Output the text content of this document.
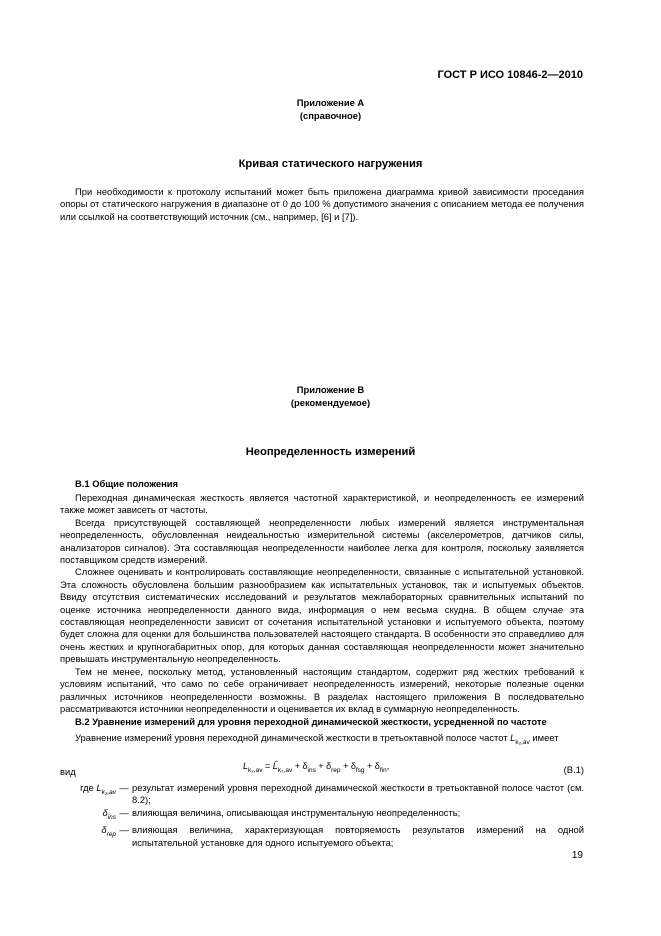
ГОСТ Р ИСО 10846-2—2010
Приложение А
(справочное)
Кривая статического нагружения

При необходимости к протоколу испытаний может быть приложена диаграмма кривой зависимости проседания опоры от статического нагружения в диапазоне от 0 до 100 % допустимого значения с описанием метода ее получения или ссылкой на соответствующий источник (см., например, [6] и [7]).

Приложение В
(рекомендуемое)
Неопределенность измерений
В.1 Общие положения

Переходная динамическая жесткость является частотной характеристикой, и неопределенность ее измерений также может зависеть от частоты.

Всегда присутствующей составляющей неопределенности любых измерений является инструментальная неопределенность, обусловленная неидеальностью измерительной системы (акселерометров, датчиков силы, анализаторов сигналов). Эта составляющая неопределенности наиболее легка для контроля, поскольку заявляется поставщиком средств измерений.

Сложнее оценивать и контролировать составляющие неопределенности, связанные с испытательной установкой. Эта сложность обусловлена большим разнообразием как испытательных установок, так и испытуемых объектов. Ввиду отсутствия систематических исследований и результатов межлабораторных сравнительных испытаний по оценке источника неопределенности данного вида, информация о нем весьма скудна. В общем случае эта составляющая неопределенности зависит от сочетания испытательной установки и испытуемого объекта, поэтому будет сложна для оценки для большинства пользователей настоящего стандарта. В особенности это справедливо для очень жестких и крупногабаритных опор, для которых данная составляющая неопределенности может значительно превышать инструментальную неопределенность.

Тем не менее, поскольку метод, установленный настоящим стандартом, содержит ряд жестких требований к условиям испытаний, что само по себе ограничивает неопределенность измерений, некоторые полезные оценки различных источников неопределенности возможны. В разделах настоящего приложения В последовательно рассматриваются источники неопределенности и оценивается их вклад в суммарную неопределенность.

В.2 Уравнение измерений для уровня переходной динамической жесткости, усредненной по частоте

Уравнение измерений уровня переходной динамической жесткости в третьоктавной полосе частот $L_{k_2,av}$ имеет

вид	$L_{k_2,av}$ = $L̂_{k_2,av} + \delta_{ins} + \delta_{rep} + \delta_{fsg} + \delta_{fin}$,	(B.1)
где $L_{k_2,av}$ — результат измерений уровня переходной динамической жесткости в третьоктавной полосе частот (см. 8.2);
$\delta_{ins}$ — влияющая величина, описывающая инструментальную неопределенность;
$\delta_{rep}$ — влияющая величина, характеризующая повторяемость результатов измерений на одной испытательной установке для одного испытуемого объекта;
19
